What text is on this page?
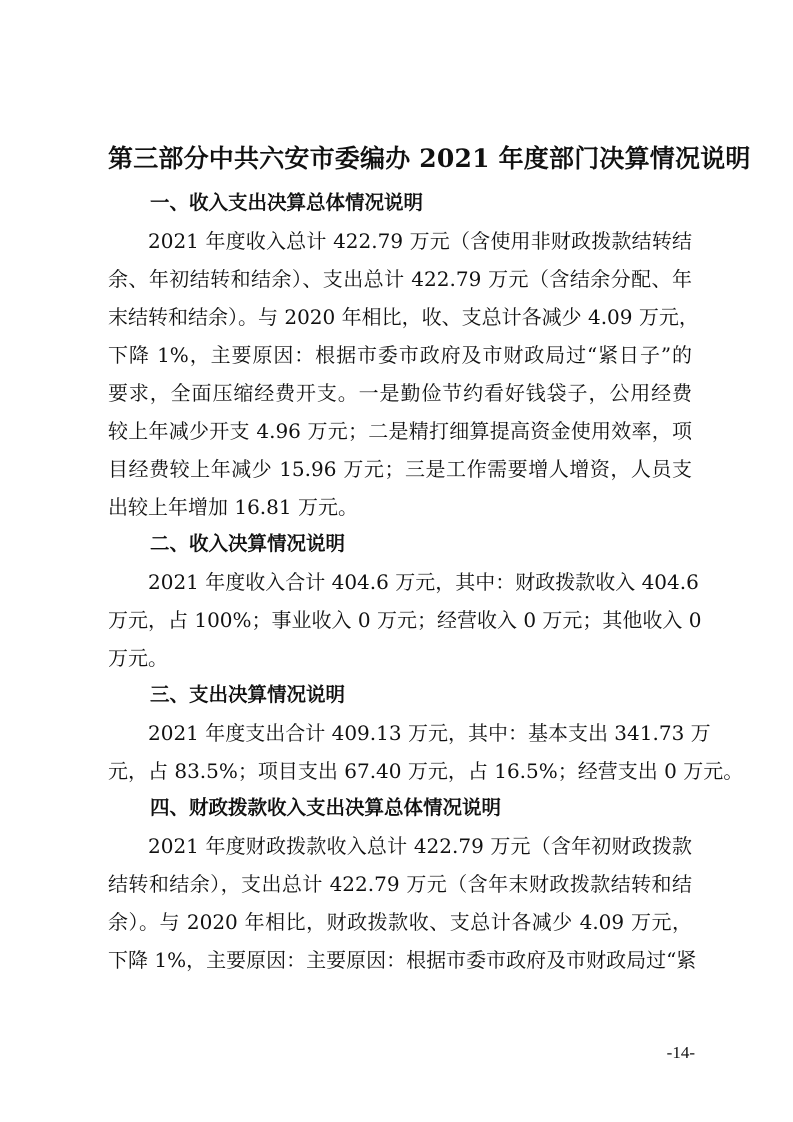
第三部分中共六安市委编办 2021 年度部门决算情况说明
一、收入支出决算总体情况说明
2021 年度收入总计 422.79 万元（含使用非财政拨款结转结
余、年初结转和结余）、支出总计 422.79 万元（含结余分配、年
末结转和结余）。与 2020 年相比，收、支总计各减少 4.09 万元，
下降 1%，主要原因：根据市委市政府及市财政局过“紧日子”的
要求，全面压缩经费开支。一是勤俭节约看好钱袋子，公用经费
较上年减少开支 4.96 万元；二是精打细算提高资金使用效率，项
目经费较上年减少 15.96 万元；三是工作需要增人增资，人员支
出较上年增加 16.81 万元。
二、收入决算情况说明
2021 年度收入合计 404.6 万元，其中：财政拨款收入 404.6
万元，占 100%；事业收入 0 万元；经营收入 0 万元；其他收入 0
万元。
三、支出决算情况说明
2021 年度支出合计 409.13 万元，其中：基本支出 341.73 万
元，占 83.5%；项目支出 67.40 万元，占 16.5%；经营支出 0 万元。
四、财政拨款收入支出决算总体情况说明
2021 年度财政拨款收入总计 422.79 万元（含年初财政拨款
结转和结余），支出总计 422.79 万元（含年末财政拨款结转和结
余）。与 2020 年相比，财政拨款收、支总计各减少 4.09 万元，
下降 1%，主要原因：主要原因：根据市委市政府及市财政局过“紧
-14-
